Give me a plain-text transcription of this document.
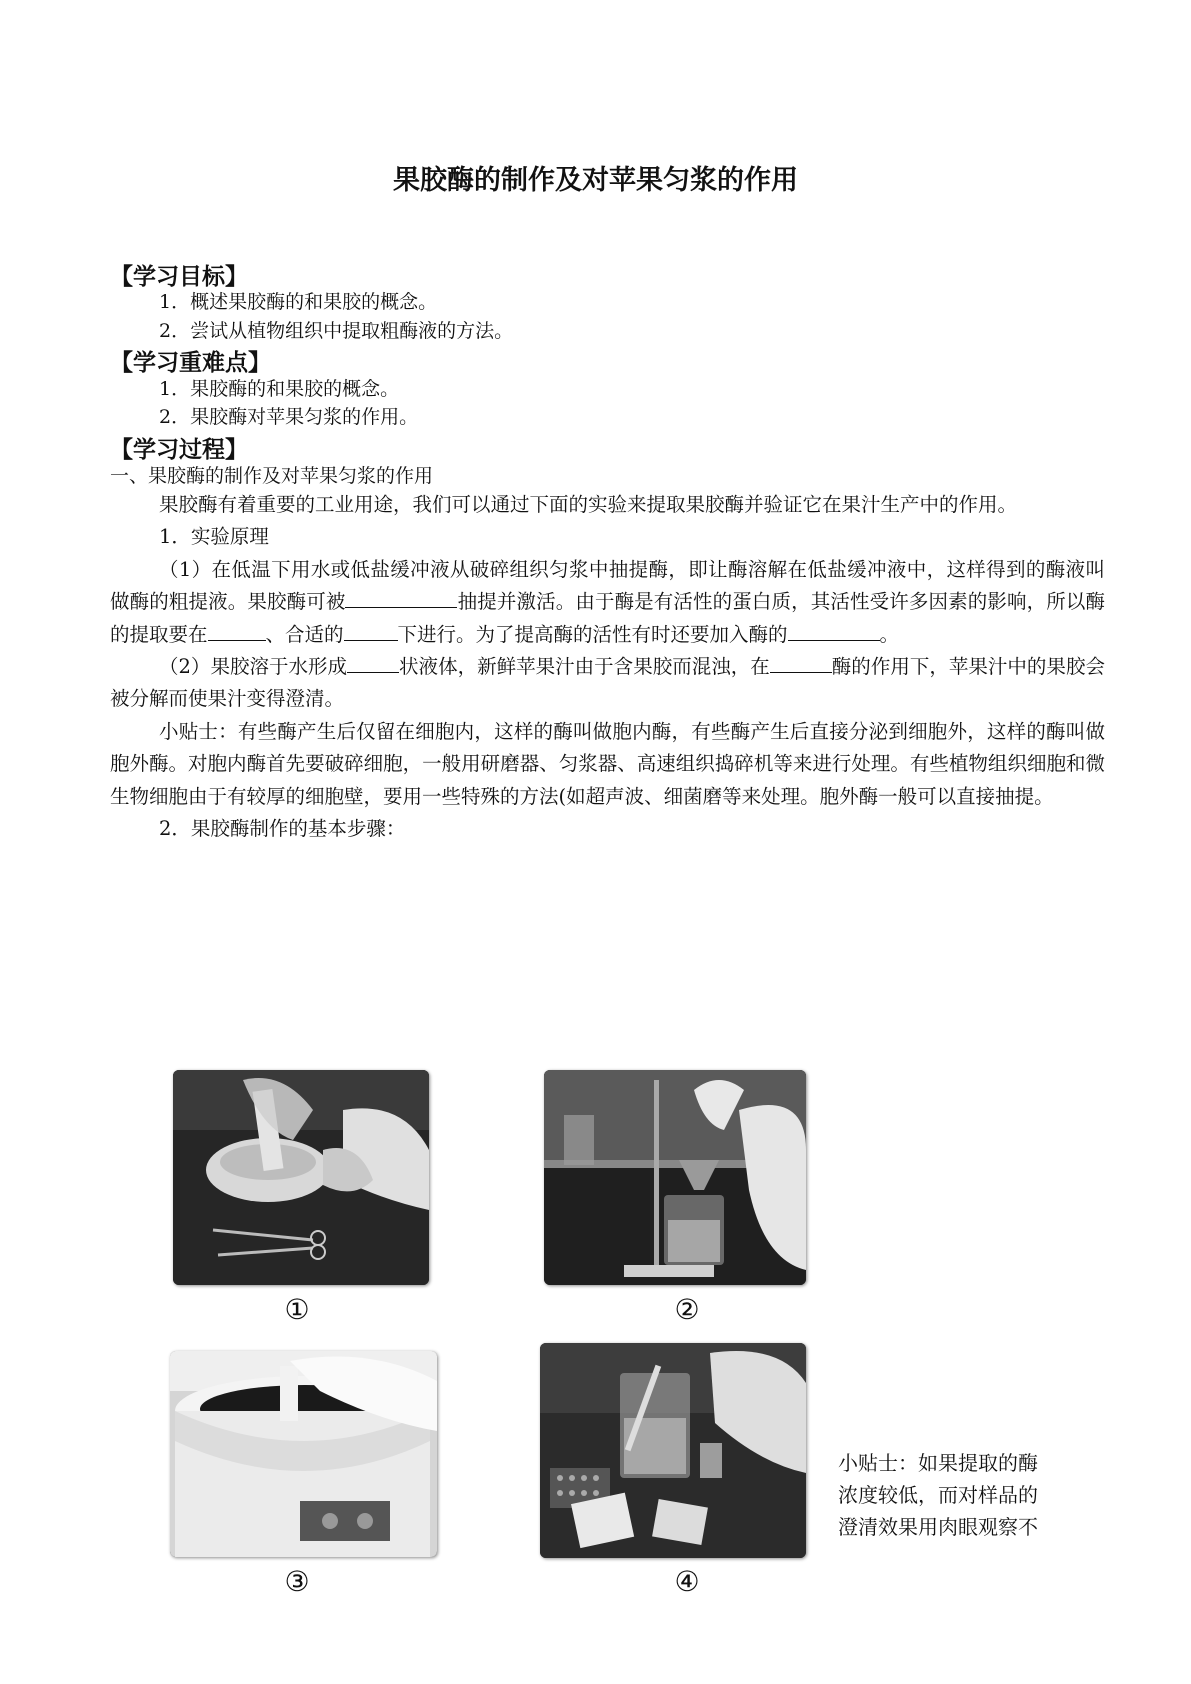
果胶酶的制作及对苹果匀浆的作用
【学习目标】
1．概述果胶酶的和果胶的概念。
2．尝试从植物组织中提取粗酶液的方法。
【学习重难点】
1．果胶酶的和果胶的概念。
2．果胶酶对苹果匀浆的作用。
【学习过程】
一、果胶酶的制作及对苹果匀浆的作用

果胶酶有着重要的工业用途，我们可以通过下面的实验来提取果胶酶并验证它在果汁生产中的作用。

1．实验原理

（1）在低温下用水或低盐缓冲液从破碎组织匀浆中抽提酶，即让酶溶解在低盐缓冲液中，这样得到的酶液叫做酶的粗提液。果胶酶可被	抽提并激活。由于酶是有活性的蛋白质，其活性受许多因素的影响，所以酶的提取要在	、合适的	下进行。为了提高酶的活性有时还要加入酶的	。

（2）果胶溶于水形成	状液体，新鲜苹果汁由于含果胶而混浊，在	酶的作用下，苹果汁中的果胶会被分解而使果汁变得澄清。

小贴士：有些酶产生后仅留在细胞内，这样的酶叫做胞内酶，有些酶产生后直接分泌到细胞外，这样的酶叫做胞外酶。对胞内酶首先要破碎细胞，一般用研磨器、匀浆器、高速组织捣碎机等来进行处理。有些植物组织细胞和微生物细胞由于有较厚的细胞壁，要用一些特殊的方法(如超声波、细菌磨等来处理。胞外酶一般可以直接抽提。

2．果胶酶制作的基本步骤：

①	②
③	④

小贴士：如果提取的酶

浓度较低，而对样品的

澄清效果用肉眼观察不
